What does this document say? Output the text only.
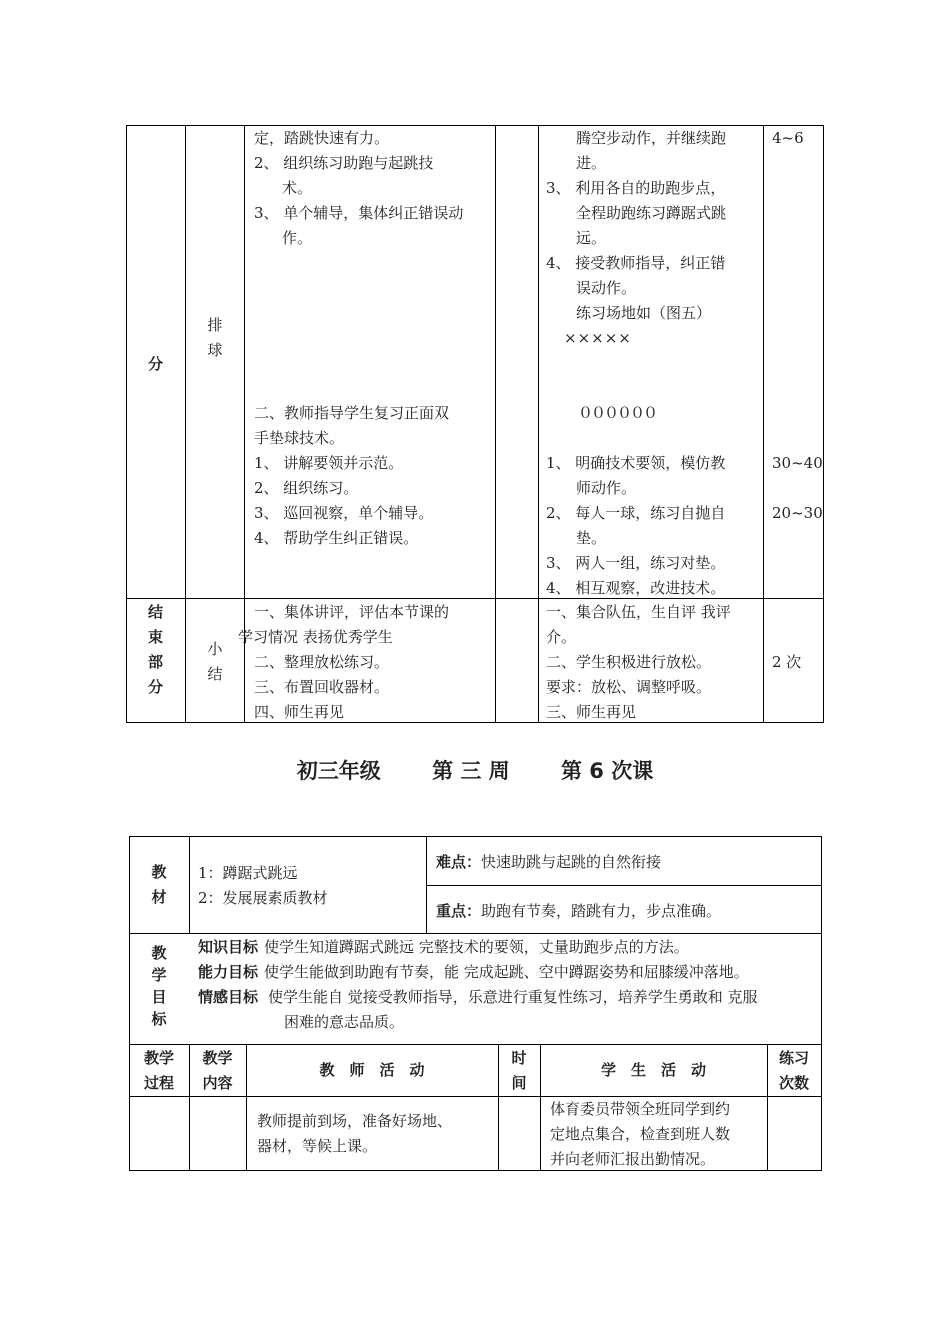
分
结
束
部
分
排
球
小
结
定，踏跳快速有力。
2、 组织练习助跑与起跳技
术。
3、 单个辅导，集体纠正错误动
作。
二、教师指导学生复习正面双
手垫球技术。
1、 讲解要领并示范。
2、 组织练习。
3、 巡回视察，单个辅导。
4、 帮助学生纠正错误。
腾空步动作，并继续跑
进。
3、 利用各自的助跑步点，
全程助跑练习蹲踞式跳
远。
4、 接受教师指导，纠正错
误动作。
练习场地如（图五）
×××××
００００００
1、 明确技术要领，模仿教
师动作。
2、 每人一球，练习自抛自
垫。
3、 两人一组，练习对垫。
4、 相互观察，改进技术。
4~6
30~40
20~30
一、集体讲评，评估本节课的
学习情况 表扬优秀学生
二、整理放松练习。
三、布置回收器材。
四、师生再见
一、集合队伍，生自评 我评
介。
二、学生积极进行放松。
要求：放松、调整呼吸。
三、师生再见
2 次
初三年级 第 三 周 第 6 次课
教
材
1：蹲踞式跳远
2：发展展素质教材
难点：快速助跳与起跳的自然衔接
重点：助跑有节奏，踏跳有力，步点准确。
教
学
目
标
知识目标 使学生知道蹲踞式跳远 完整技术的要领，丈量助跑步点的方法。
能力目标 使学生能做到助跑有节奏，能 完成起跳、空中蹲踞姿势和屈膝缓冲落地。
情感目标 使学生能自 觉接受教师指导，乐意进行重复性练习，培养学生勇敢和 克服
困难的意志品质。
教学
过程
教学
内容
教　师　活　动
时
间
学　生　活　动
练习
次数
教师提前到场，准备好场地、
器材，等候上课。
体育委员带领全班同学到约
定地点集合，检查到班人数
并向老师汇报出勤情况。
